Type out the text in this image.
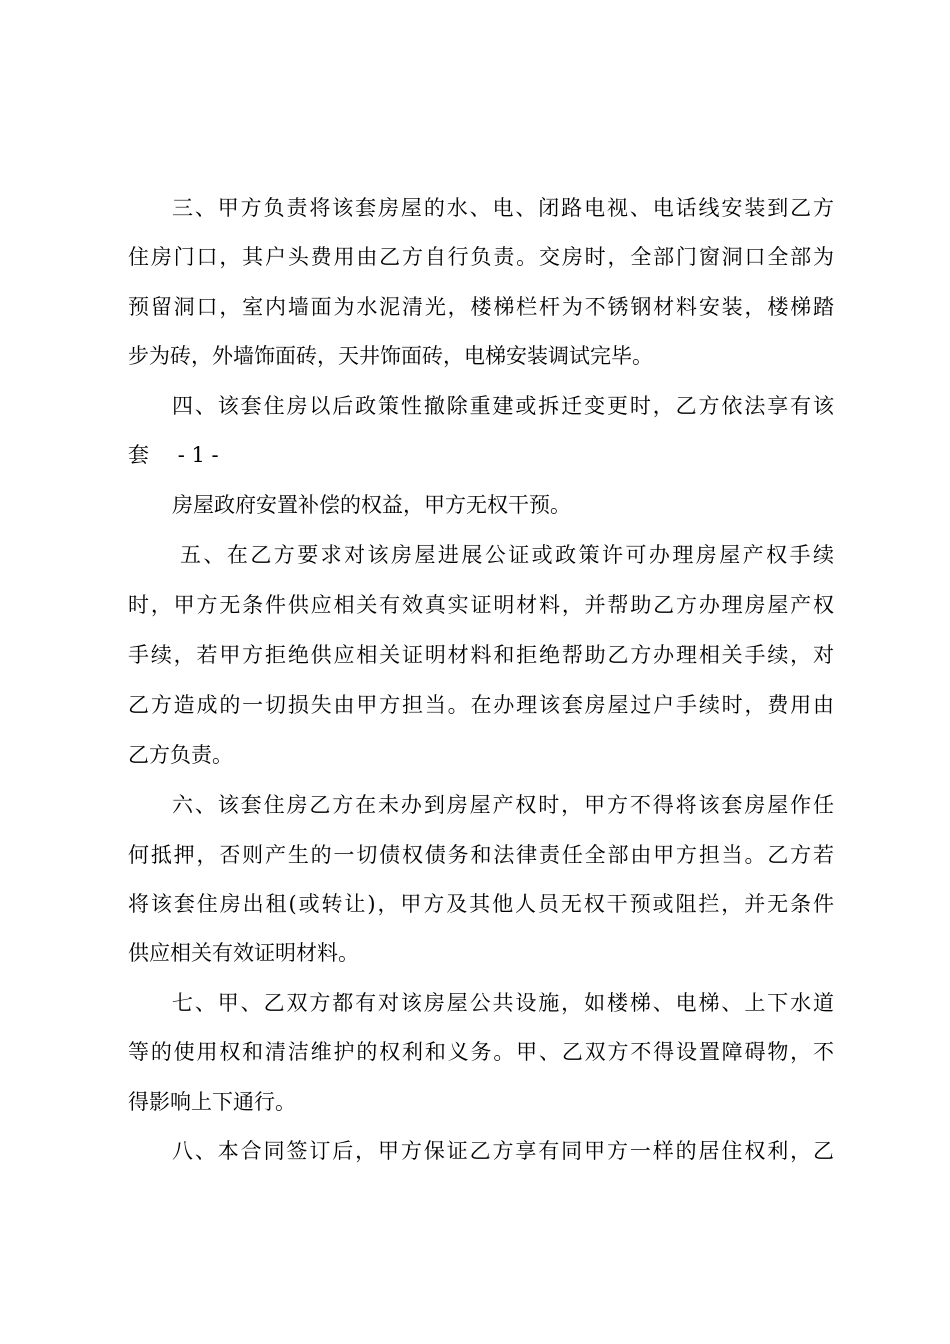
三、甲方负责将该套房屋的水、电、闭路电视、电话线安装到乙方
住房门口，其户头费用由乙方自行负责。交房时，全部门窗洞口全部为
预留洞口，室内墙面为水泥清光，楼梯栏杆为不锈钢材料安装，楼梯踏
步为砖，外墙饰面砖，天井饰面砖，电梯安装调试完毕。
四、该套住房以后政策性撤除重建或拆迁变更时，乙方依法享有该
套 - 1 -
房屋政府安置补偿的权益，甲方无权干预。
五、在乙方要求对该房屋进展公证或政策许可办理房屋产权手续
时，甲方无条件供应相关有效真实证明材料，并帮助乙方办理房屋产权
手续，若甲方拒绝供应相关证明材料和拒绝帮助乙方办理相关手续，对
乙方造成的一切损失由甲方担当。在办理该套房屋过户手续时，费用由
乙方负责。
六、该套住房乙方在未办到房屋产权时，甲方不得将该套房屋作任
何抵押，否则产生的一切债权债务和法律责任全部由甲方担当。乙方若
将该套住房出租(或转让)，甲方及其他人员无权干预或阻拦，并无条件
供应相关有效证明材料。
七、甲、乙双方都有对该房屋公共设施，如楼梯、电梯、上下水道
等的使用权和清洁维护的权利和义务。甲、乙双方不得设置障碍物，不
得影响上下通行。
八、本合同签订后，甲方保证乙方享有同甲方一样的居住权利，乙
